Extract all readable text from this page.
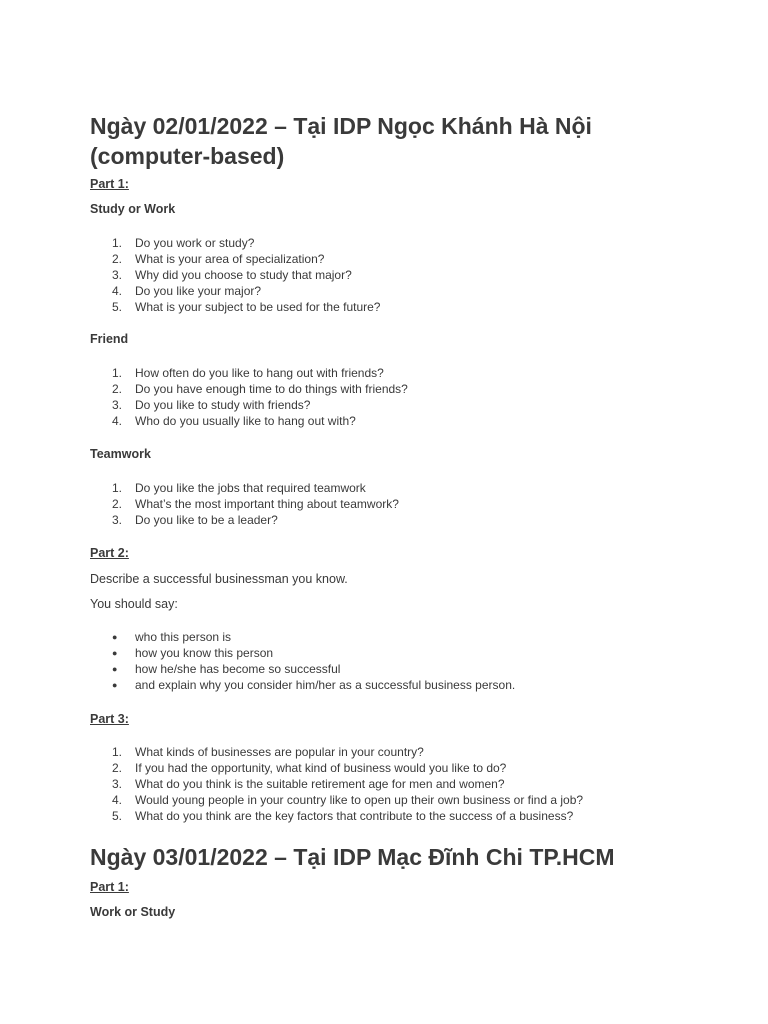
Ngày 02/01/2022 – Tại IDP Ngọc Khánh Hà Nội
(computer-based)

Part 1:

Study or Work

1. Do you work or study?
2. What is your area of specialization?
3. Why did you choose to study that major?
4. Do you like your major?
5. What is your subject to be used for the future?

Friend

1. How often do you like to hang out with friends?
2. Do you have enough time to do things with friends?
3. Do you like to study with friends?
4. Who do you usually like to hang out with?

Teamwork

1. Do you like the jobs that required teamwork
2. What’s the most important thing about teamwork?
3. Do you like to be a leader?

Part 2:

Describe a successful businessman you know.

You should say:

● who this person is
● how you know this person
● how he/she has become so successful
● and explain why you consider him/her as a successful business person.

Part 3:

1. What kinds of businesses are popular in your country?
2. If you had the opportunity, what kind of business would you like to do?
3. What do you think is the suitable retirement age for men and women?
4. Would young people in your country like to open up their own business or find a job?
5. What do you think are the key factors that contribute to the success of a business?
Ngày 03/01/2022 – Tại IDP Mạc Đĩnh Chi TP.HCM

Part 1:

Work or Study
